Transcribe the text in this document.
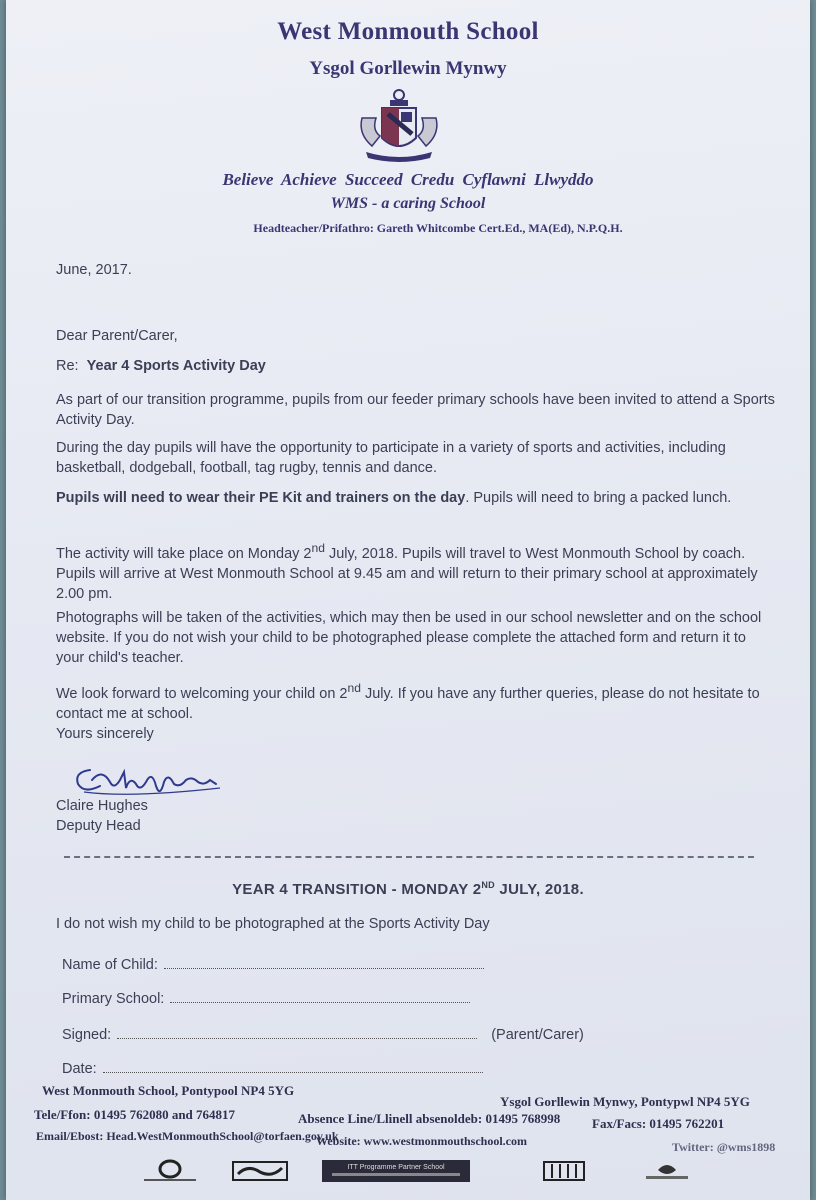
West Monmouth School
Ysgol Gorllewin Mynwy
Believe Achieve Succeed Credu Cyflawni Llwyddo
WMS - a caring School
Headteacher/Prifathro: Gareth Whitcombe Cert.Ed., MA(Ed), N.P.Q.H.
June, 2017.
Dear Parent/Carer,
Re: Year 4 Sports Activity Day
As part of our transition programme, pupils from our feeder primary schools have been invited to attend a Sports Activity Day.
During the day pupils will have the opportunity to participate in a variety of sports and activities, including basketball, dodgeball, football, tag rugby, tennis and dance.
Pupils will need to wear their PE Kit and trainers on the day. Pupils will need to bring a packed lunch.
The activity will take place on Monday 2nd July, 2018. Pupils will travel to West Monmouth School by coach. Pupils will arrive at West Monmouth School at 9.45 am and will return to their primary school at approximately 2.00 pm.
Photographs will be taken of the activities, which may then be used in our school newsletter and on the school website. If you do not wish your child to be photographed please complete the attached form and return it to your child's teacher.
We look forward to welcoming your child on 2nd July. If you have any further queries, please do not hesitate to contact me at school.
Yours sincerely
Claire Hughes
Deputy Head
YEAR 4 TRANSITION - MONDAY 2ND JULY, 2018.
I do not wish my child to be photographed at the Sports Activity Day
Name of Child:
Primary School:
Signed:	(Parent/Carer)
Date:
West Monmouth School, Pontypool NP4 5YG
Ysgol Gorllewin Mynwy, Pontypwl NP4 5YG
Tele/Ffon: 01495 762080 and 764817	Absence Line/Llinell absenoldeb: 01495 768998 Fax/Facs: 01495 762201
Email/Ebost: Head.WestMonmouthSchool@torfaen.gov.uk
Website: www.westmonmouthschool.com	Twitter: @wms1898
ITT Programme Partner School
